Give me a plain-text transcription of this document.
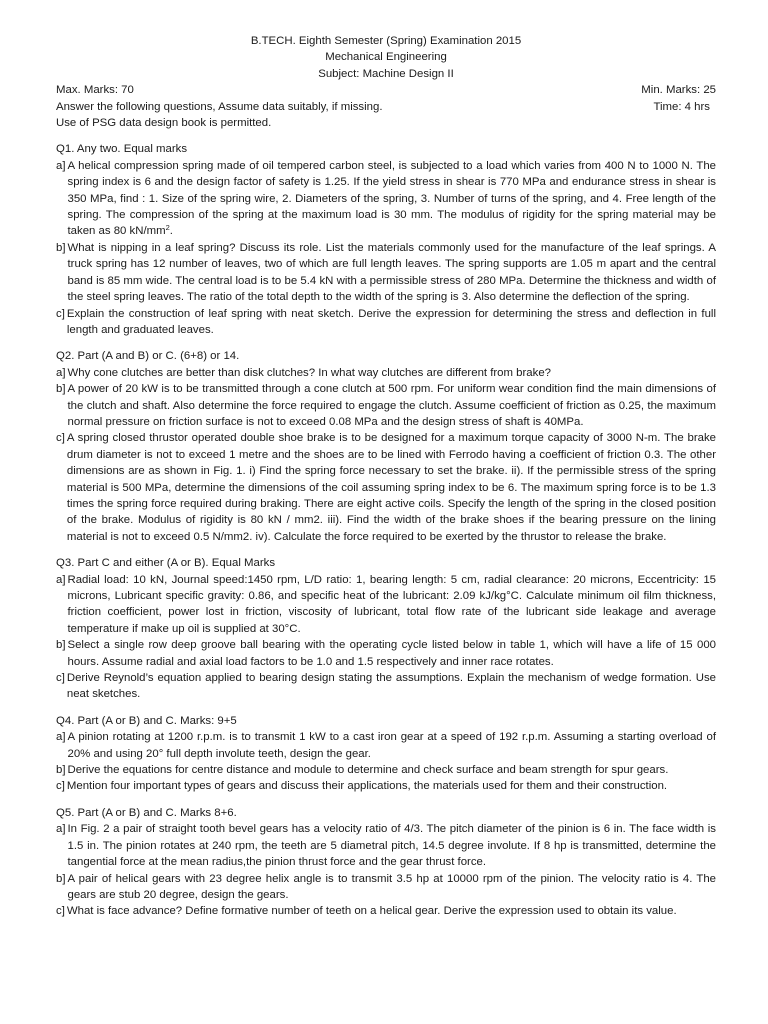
B.TECH. Eighth Semester (Spring) Examination 2015
Mechanical Engineering
Subject: Machine Design II
Max. Marks: 70	Min. Marks: 25
Answer the following questions, Assume data suitably, if missing.	Time: 4 hrs
Use of PSG data design book is permitted.
Q1. Any two. Equal marks
a] A helical compression spring made of oil tempered carbon steel, is subjected to a load which varies from 400 N to 1000 N. The spring index is 6 and the design factor of safety is 1.25. If the yield stress in shear is 770 MPa and endurance stress in shear is 350 MPa, find : 1. Size of the spring wire, 2. Diameters of the spring, 3. Number of turns of the spring, and 4. Free length of the spring. The compression of the spring at the maximum load is 30 mm. The modulus of rigidity for the spring material may be taken as 80 $kN/mm^2$.
b] What is nipping in a leaf spring? Discuss its role. List the materials commonly used for the manufacture of the leaf springs. A truck spring has 12 number of leaves, two of which are full length leaves. The spring supports are 1.05 m apart and the central band is 85 mm wide. The central load is to be 5.4 kN with a permissible stress of 280 MPa. Determine the thickness and width of the steel spring leaves. The ratio of the total depth to the width of the spring is 3. Also determine the deflection of the spring.
c] Explain the construction of leaf spring with neat sketch. Derive the expression for determining the stress and deflection in full length and graduated leaves.
Q2. Part (A and B) or C. (6+8) or 14.
a] Why cone clutches are better than disk clutches? In what way clutches are different from brake?
b] A power of 20 kW is to be transmitted through a cone clutch at 500 rpm. For uniform wear condition find the main dimensions of the clutch and shaft. Also determine the force required to engage the clutch. Assume coefficient of friction as 0.25, the maximum normal pressure on friction surface is not to exceed 0.08 MPa and the design stress of shaft is 40MPa.
c] A spring closed thrustor operated double shoe brake is to be designed for a maximum torque capacity of 3000 N-m. The brake drum diameter is not to exceed 1 metre and the shoes are to be lined with Ferrodo having a coefficient of friction 0.3. The other dimensions are as shown in Fig. 1. i) Find the spring force necessary to set the brake. ii). If the permissible stress of the spring material is 500 MPa, determine the dimensions of the coil assuming spring index to be 6. The maximum spring force is to be 1.3 times the spring force required during braking. There are eight active coils. Specify the length of the spring in the closed position of the brake. Modulus of rigidity is 80 kN / mm2. iii). Find the width of the brake shoes if the bearing pressure on the lining material is not to exceed 0.5 N/mm2. iv). Calculate the force required to be exerted by the thrustor to release the brake.
Q3. Part C and either (A or B). Equal Marks
a] Radial load: 10 kN, Journal speed:1450 rpm, L/D ratio: 1, bearing length: 5 cm, radial clearance: 20 microns, Eccentricity: 15 microns, Lubricant specific gravity: 0.86, and specific heat of the lubricant: 2.09 kJ/kg°C. Calculate minimum oil film thickness, friction coefficient, power lost in friction, viscosity of lubricant, total flow rate of the lubricant side leakage and average temperature if make up oil is supplied at 30°C.
b] Select a single row deep groove ball bearing with the operating cycle listed below in table 1, which will have a life of 15 000 hours. Assume radial and axial load factors to be 1.0 and 1.5 respectively and inner race rotates.
c] Derive Reynold’s equation applied to bearing design stating the assumptions. Explain the mechanism of wedge formation. Use neat sketches.
Q4. Part (A or B) and C. Marks: 9+5
a] A pinion rotating at 1200 r.p.m. is to transmit 1 kW to a cast iron gear at a speed of 192 r.p.m. Assuming a starting overload of 20% and using 20° full depth involute teeth, design the gear.
b] Derive the equations for centre distance and module to determine and check surface and beam strength for spur gears.
c] Mention four important types of gears and discuss their applications, the materials used for them and their construction.
Q5. Part (A or B) and C. Marks 8+6.
a] In Fig. 2 a pair of straight tooth bevel gears has a velocity ratio of 4/3. The pitch diameter of the pinion is 6 in. The face width is 1.5 in. The pinion rotates at 240 rpm, the teeth are 5 diametral pitch, 14.5 degree involute. If 8 hp is transmitted, determine the tangential force at the mean radius,the pinion thrust force and the gear thrust force.
b] A pair of helical gears with 23 degree helix angle is to transmit 3.5 hp at 10000 rpm of the pinion. The velocity ratio is 4. The gears are stub 20 degree, design the gears.
c] What is face advance? Define formative number of teeth on a helical gear. Derive the expression used to obtain its value.
